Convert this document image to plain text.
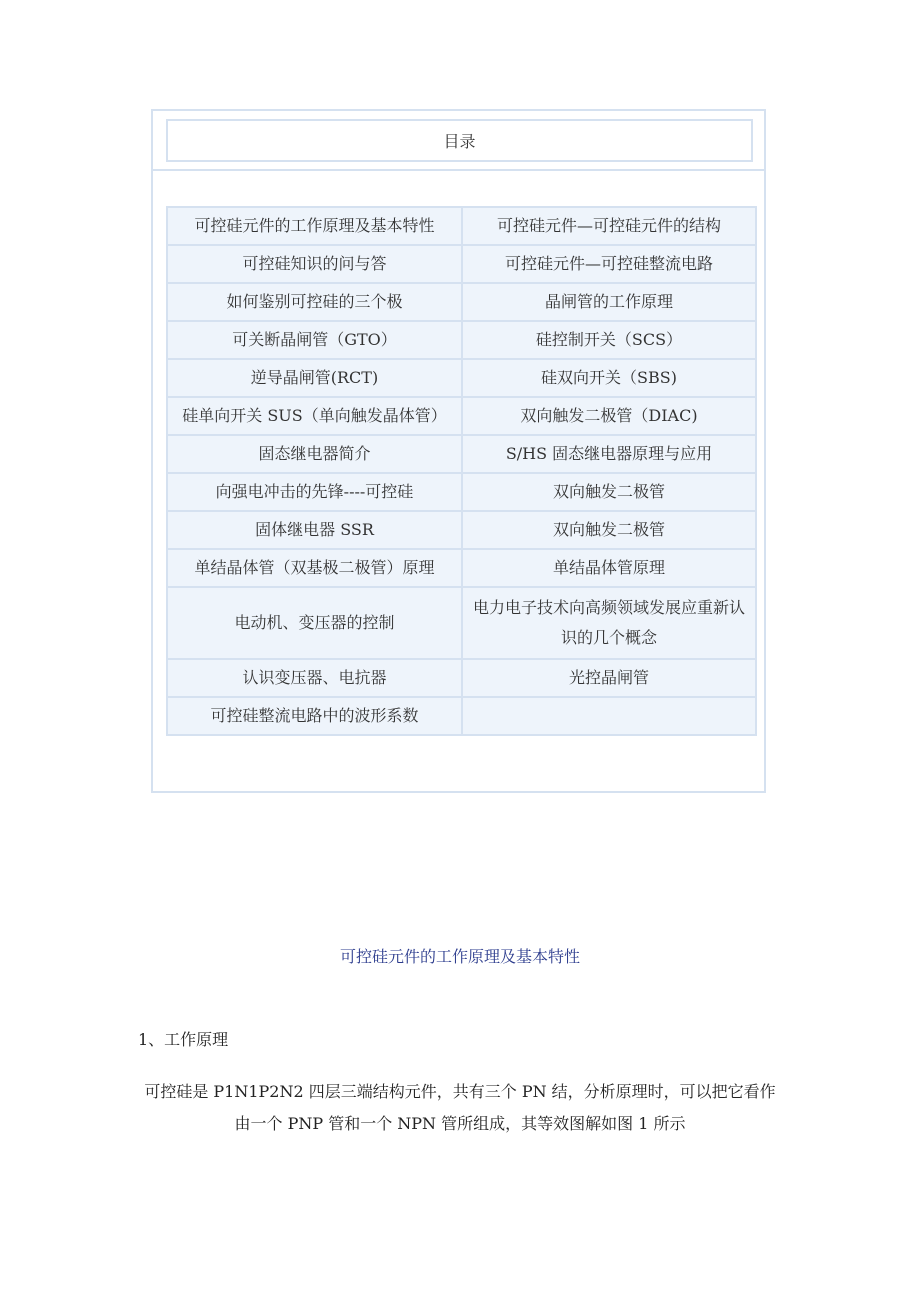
目录
可控硅元件的工作原理及基本特性	可控硅元件—可控硅元件的结构
可控硅知识的问与答	可控硅元件—可控硅整流电路
如何鉴别可控硅的三个极	晶闸管的工作原理
可关断晶闸管（GTO）	硅控制开关（SCS）
逆导晶闸管(RCT)	硅双向开关（SBS)
硅单向开关 SUS（单向触发晶体管）	双向触发二极管（DIAC)
固态继电器简介	S/HS 固态继电器原理与应用
向强电冲击的先锋----可控硅	双向触发二极管
固体继电器 SSR	双向触发二极管
单结晶体管（双基极二极管）原理	单结晶体管原理
电动机、变压器的控制	电力电子技术向高频领域发展应重新认识的几个概念
认识变压器、电抗器	光控晶闸管
可控硅整流电路中的波形系数	
可控硅元件的工作原理及基本特性
1、工作原理
可控硅是 P1N1P2N2 四层三端结构元件，共有三个 PN 结，分析原理时，可以把它看作由一个 PNP 管和一个 NPN 管所组成，其等效图解如图 1 所示
